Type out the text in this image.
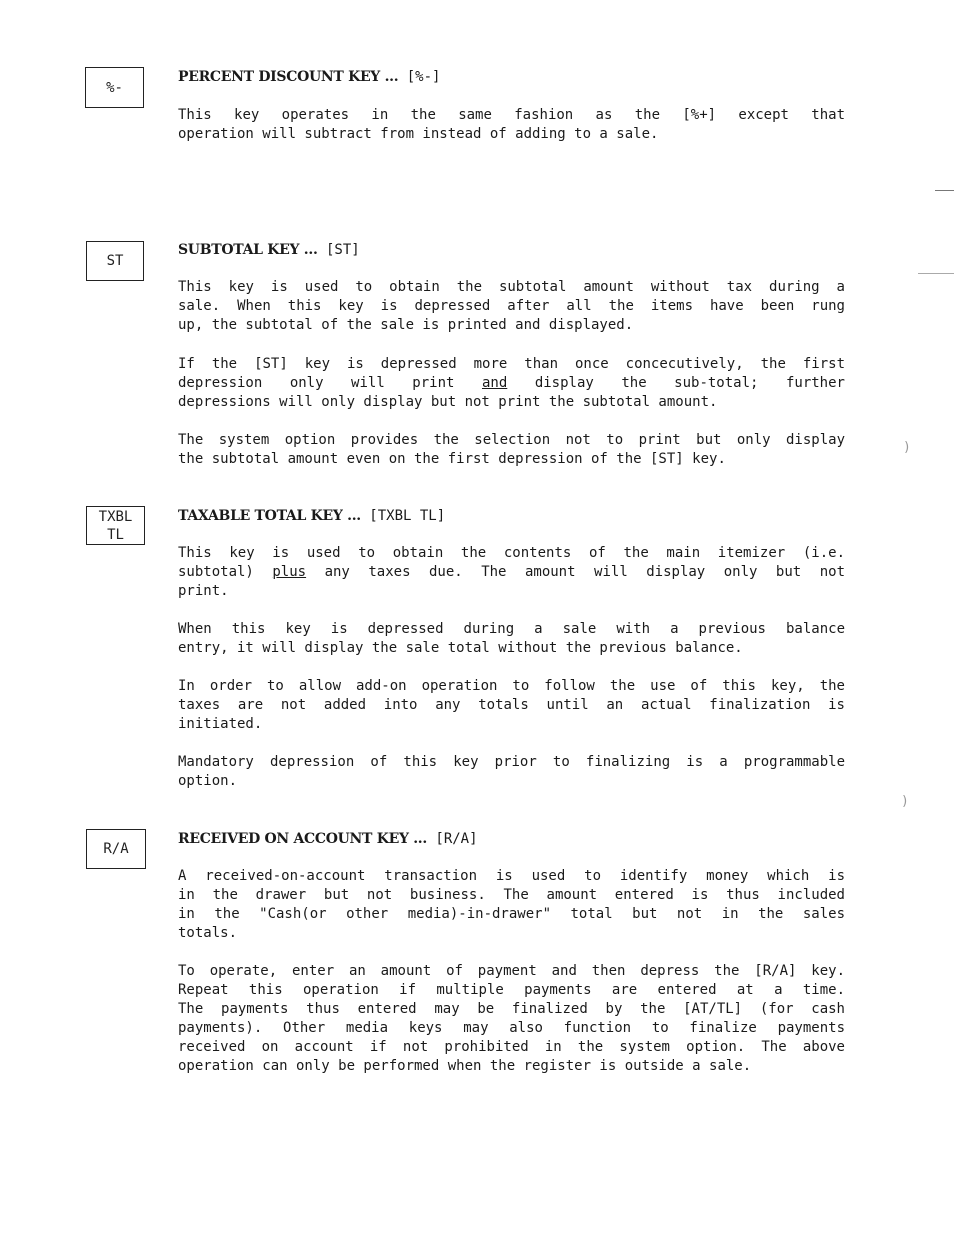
%-

PERCENT DISCOUNT KEY ... [%-]

This key operates in the same fashion as the [%+] except that
operation will subtract from instead of adding to a sale.

ST

SUBTOTAL KEY ... [ST]

This key is used to obtain the subtotal amount without tax during a
sale. When this key is depressed after all the items have been rung
up, the subtotal of the sale is printed and displayed.

If the [ST] key is depressed more than once concecutively, the first
depression only will print and display the sub-total; further
depressions will only display but not print the subtotal amount.

The system option provides the selection not to print but only display
the subtotal amount even on the first depression of the [ST] key.

TXBL
TL

TAXABLE TOTAL KEY ... [TXBL TL]

This key is used to obtain the contents of the main itemizer (i.e.
subtotal) plus any taxes due. The amount will display only but not
print.

When this key is depressed during a sale with a previous balance
entry, it will display the sale total without the previous balance.

In order to allow add-on operation to follow the use of this key, the
taxes are not added into any totals until an actual finalization is
initiated.

Mandatory depression of this key prior to finalizing is a programmable
option.

R/A

RECEIVED ON ACCOUNT KEY ... [R/A]

A received-on-account transaction is used to identify money which is
in the drawer but not business. The amount entered is thus included
in the "Cash(or other media)-in-drawer" total but not in the sales
totals.

To operate, enter an amount of payment and then depress the [R/A] key.
Repeat this operation if multiple payments are entered at a time.
The payments thus entered may be finalized by the [AT/TL] (for cash
payments). Other media keys may also function to finalize payments
received on account if not prohibited in the system option. The above
operation can only be performed when the register is outside a sale.

)
)
